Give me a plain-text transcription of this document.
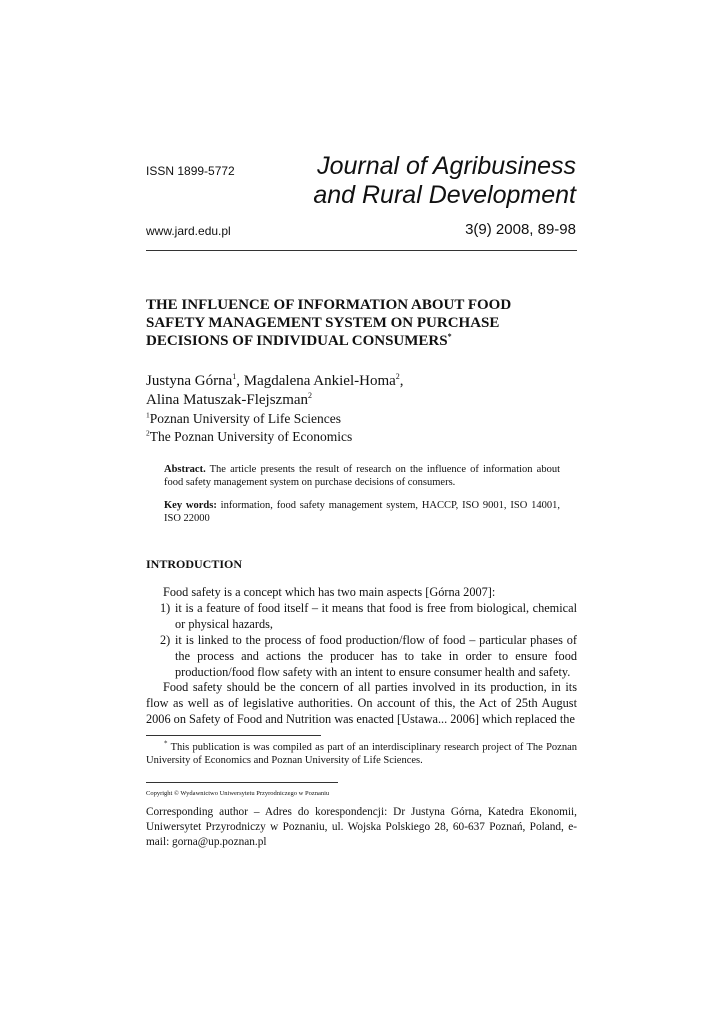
ISSN 1899-5772	Journal of Agribusiness
and Rural Development
www.jard.edu.pl	3(9) 2008, 89-98
THE INFLUENCE OF INFORMATION ABOUT FOOD
SAFETY MANAGEMENT SYSTEM ON PURCHASE
DECISIONS OF INDIVIDUAL CONSUMERS*
Justyna Górna$^1$, Magdalena Ankiel-Homa$^2$,
Alina Matuszak-Flejszman$^2$
$^1$Poznan University of Life Sciences
$^2$The Poznan University of Economics
Abstract. The article presents the result of research on the influence of information about food safety management system on purchase decisions of consumers.
Key words: information, food safety management system, HACCP, ISO 9001, ISO 14001, ISO 22000
INTRODUCTION
Food safety is a concept which has two main aspects [Górna 2007]:
1) it is a feature of food itself – it means that food is free from biological, chemical or physical hazards,
2) it is linked to the process of food production/flow of food – particular phases of the process and actions the producer has to take in order to ensure food production/food flow safety with an intent to ensure consumer health and safety.
Food safety should be the concern of all parties involved in its production, in its flow as well as of legislative authorities. On account of this, the Act of 25th August 2006 on Safety of Food and Nutrition was enacted [Ustawa... 2006] which replaced the
* This publication is was compiled as part of an interdisciplinary research project of The Poznan University of Economics and Poznan University of Life Sciences.
Copyright © Wydawnictwo Uniwersytetu Przyrodniczego w Poznaniu
Corresponding author – Adres do korespondencji: Dr Justyna Górna, Katedra Ekonomii, Uniwersytet Przyrodniczy w Poznaniu, ul. Wojska Polskiego 28, 60-637 Poznań, Poland, e-mail: gorna@up.poznan.pl
